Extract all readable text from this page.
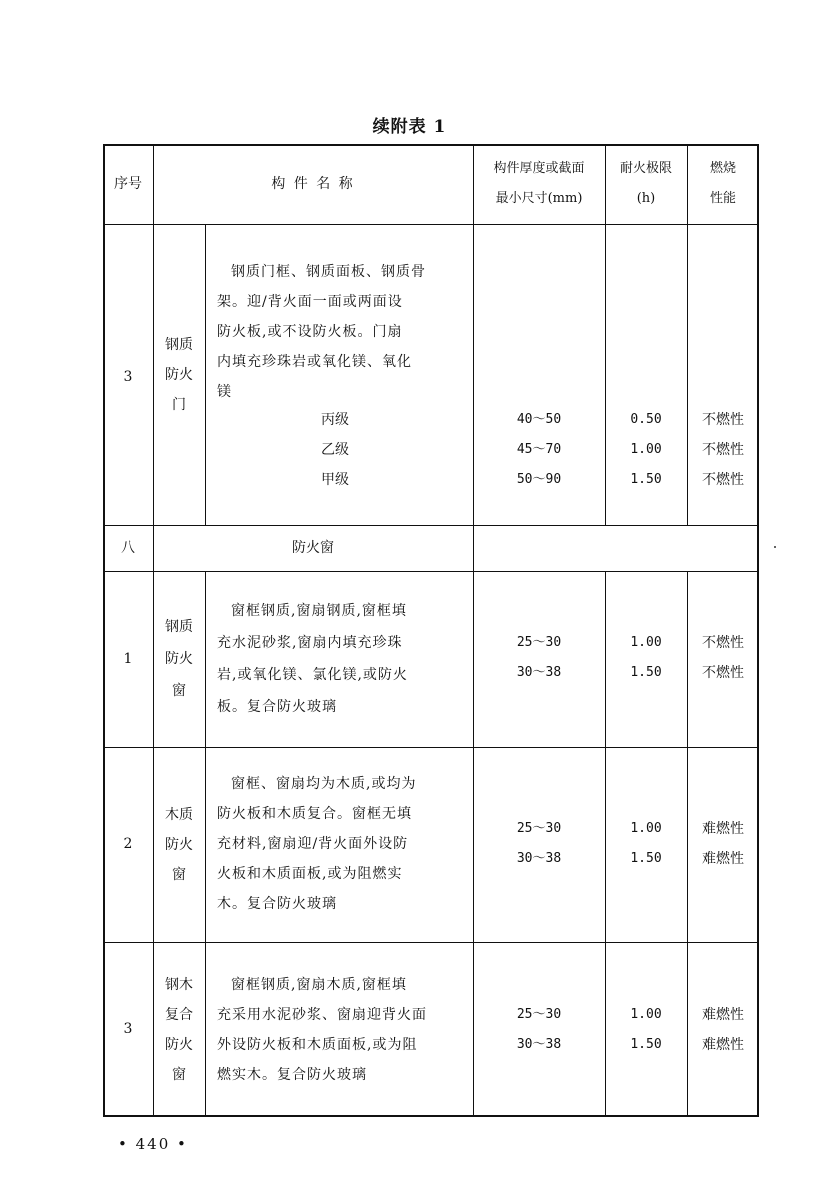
续附表 1
序号	构 件 名 称
构件厚度或截面
最小尺寸(mm)
耐火极限
(h)
燃烧
性能
3
钢质
防火
门
钢质门框、钢质面板、钢质骨
架。迎/背火面一面或两面设
防火板,或不设防火板。门扇
内填充珍珠岩或氧化镁、氧化
镁
丙级
乙级
甲级
40～50
45～70
50～90
0.50
1.00
1.50
不燃性
不燃性
不燃性
八	防火窗
1
钢质
防火
窗
窗框钢质,窗扇钢质,窗框填
充水泥砂浆,窗扇内填充珍珠
岩,或氧化镁、氯化镁,或防火
板。复合防火玻璃
25～30
30～38
1.00
1.50
不燃性
不燃性
2
木质
防火
窗
窗框、窗扇均为木质,或均为
防火板和木质复合。窗框无填
充材料,窗扇迎/背火面外设防
火板和木质面板,或为阻燃实
木。复合防火玻璃
25～30
30～38
1.00
1.50
难燃性
难燃性
3
钢木
复合
防火
窗
窗框钢质,窗扇木质,窗框填
充采用水泥砂浆、窗扇迎背火面
外设防火板和木质面板,或为阻
燃实木。复合防火玻璃
25～30
30～38
1.00
1.50
难燃性
难燃性
• 440 •
